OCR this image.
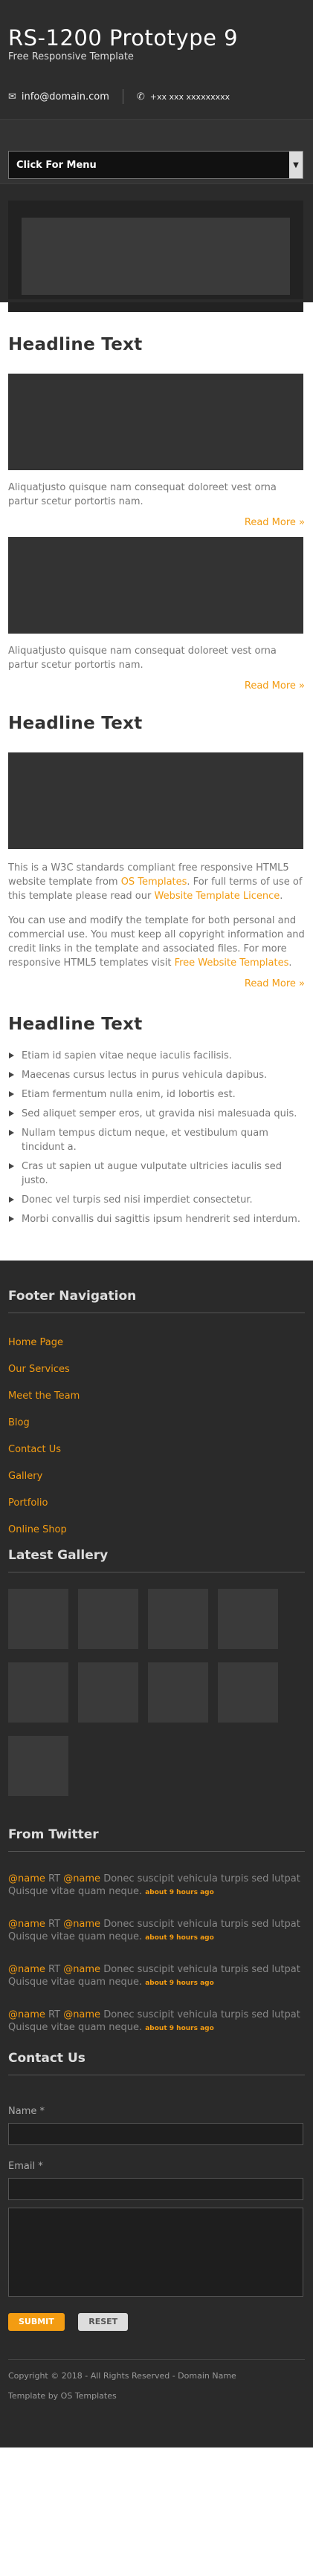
RS-1200 Prototype 9
Free Responsive Template
✉ info@domain.com	✆ +xx xxx xxxxxxxxx
Click For Menu	▼
Headline Text

Aliquatjusto quisque nam consequat doloreet vest orna partur scetur portortis nam.

Read More »

Aliquatjusto quisque nam consequat doloreet vest orna partur scetur portortis nam.

Read More »
Headline Text

This is a W3C standards compliant free responsive HTML5 website template from OS Templates. For full terms of use of this template please read our Website Template Licence.

You can use and modify the template for both personal and commercial use. You must keep all copyright information and credit links in the template and associated files. For more responsive HTML5 templates visit Free Website Templates.

Read More »
Headline Text
Etiam id sapien vitae neque iaculis facilisis.
Maecenas cursus lectus in purus vehicula dapibus.
Etiam fermentum nulla enim, id lobortis est.
Sed aliquet semper eros, ut gravida nisi malesuada quis.
Nullam tempus dictum neque, et vestibulum quam tincidunt a.
Cras ut sapien ut augue vulputate ultricies iaculis sed justo.
Donec vel turpis sed nisi imperdiet consectetur.
Morbi convallis dui sagittis ipsum hendrerit sed interdum.
Footer Navigation
Home Page
Our Services
Meet the Team
Blog
Contact Us
Gallery
Portfolio
Online Shop
Latest Gallery
From Twitter
@name RT @name Donec suscipit vehicula turpis sed lutpat Quisque vitae quam neque. about 9 hours ago
@name RT @name Donec suscipit vehicula turpis sed lutpat Quisque vitae quam neque. about 9 hours ago
@name RT @name Donec suscipit vehicula turpis sed lutpat Quisque vitae quam neque. about 9 hours ago
@name RT @name Donec suscipit vehicula turpis sed lutpat Quisque vitae quam neque. about 9 hours ago
Contact Us
Name *
Email *
SUBMIT	RESET
Copyright © 2018 - All Rights Reserved - Domain Name
Template by OS Templates
